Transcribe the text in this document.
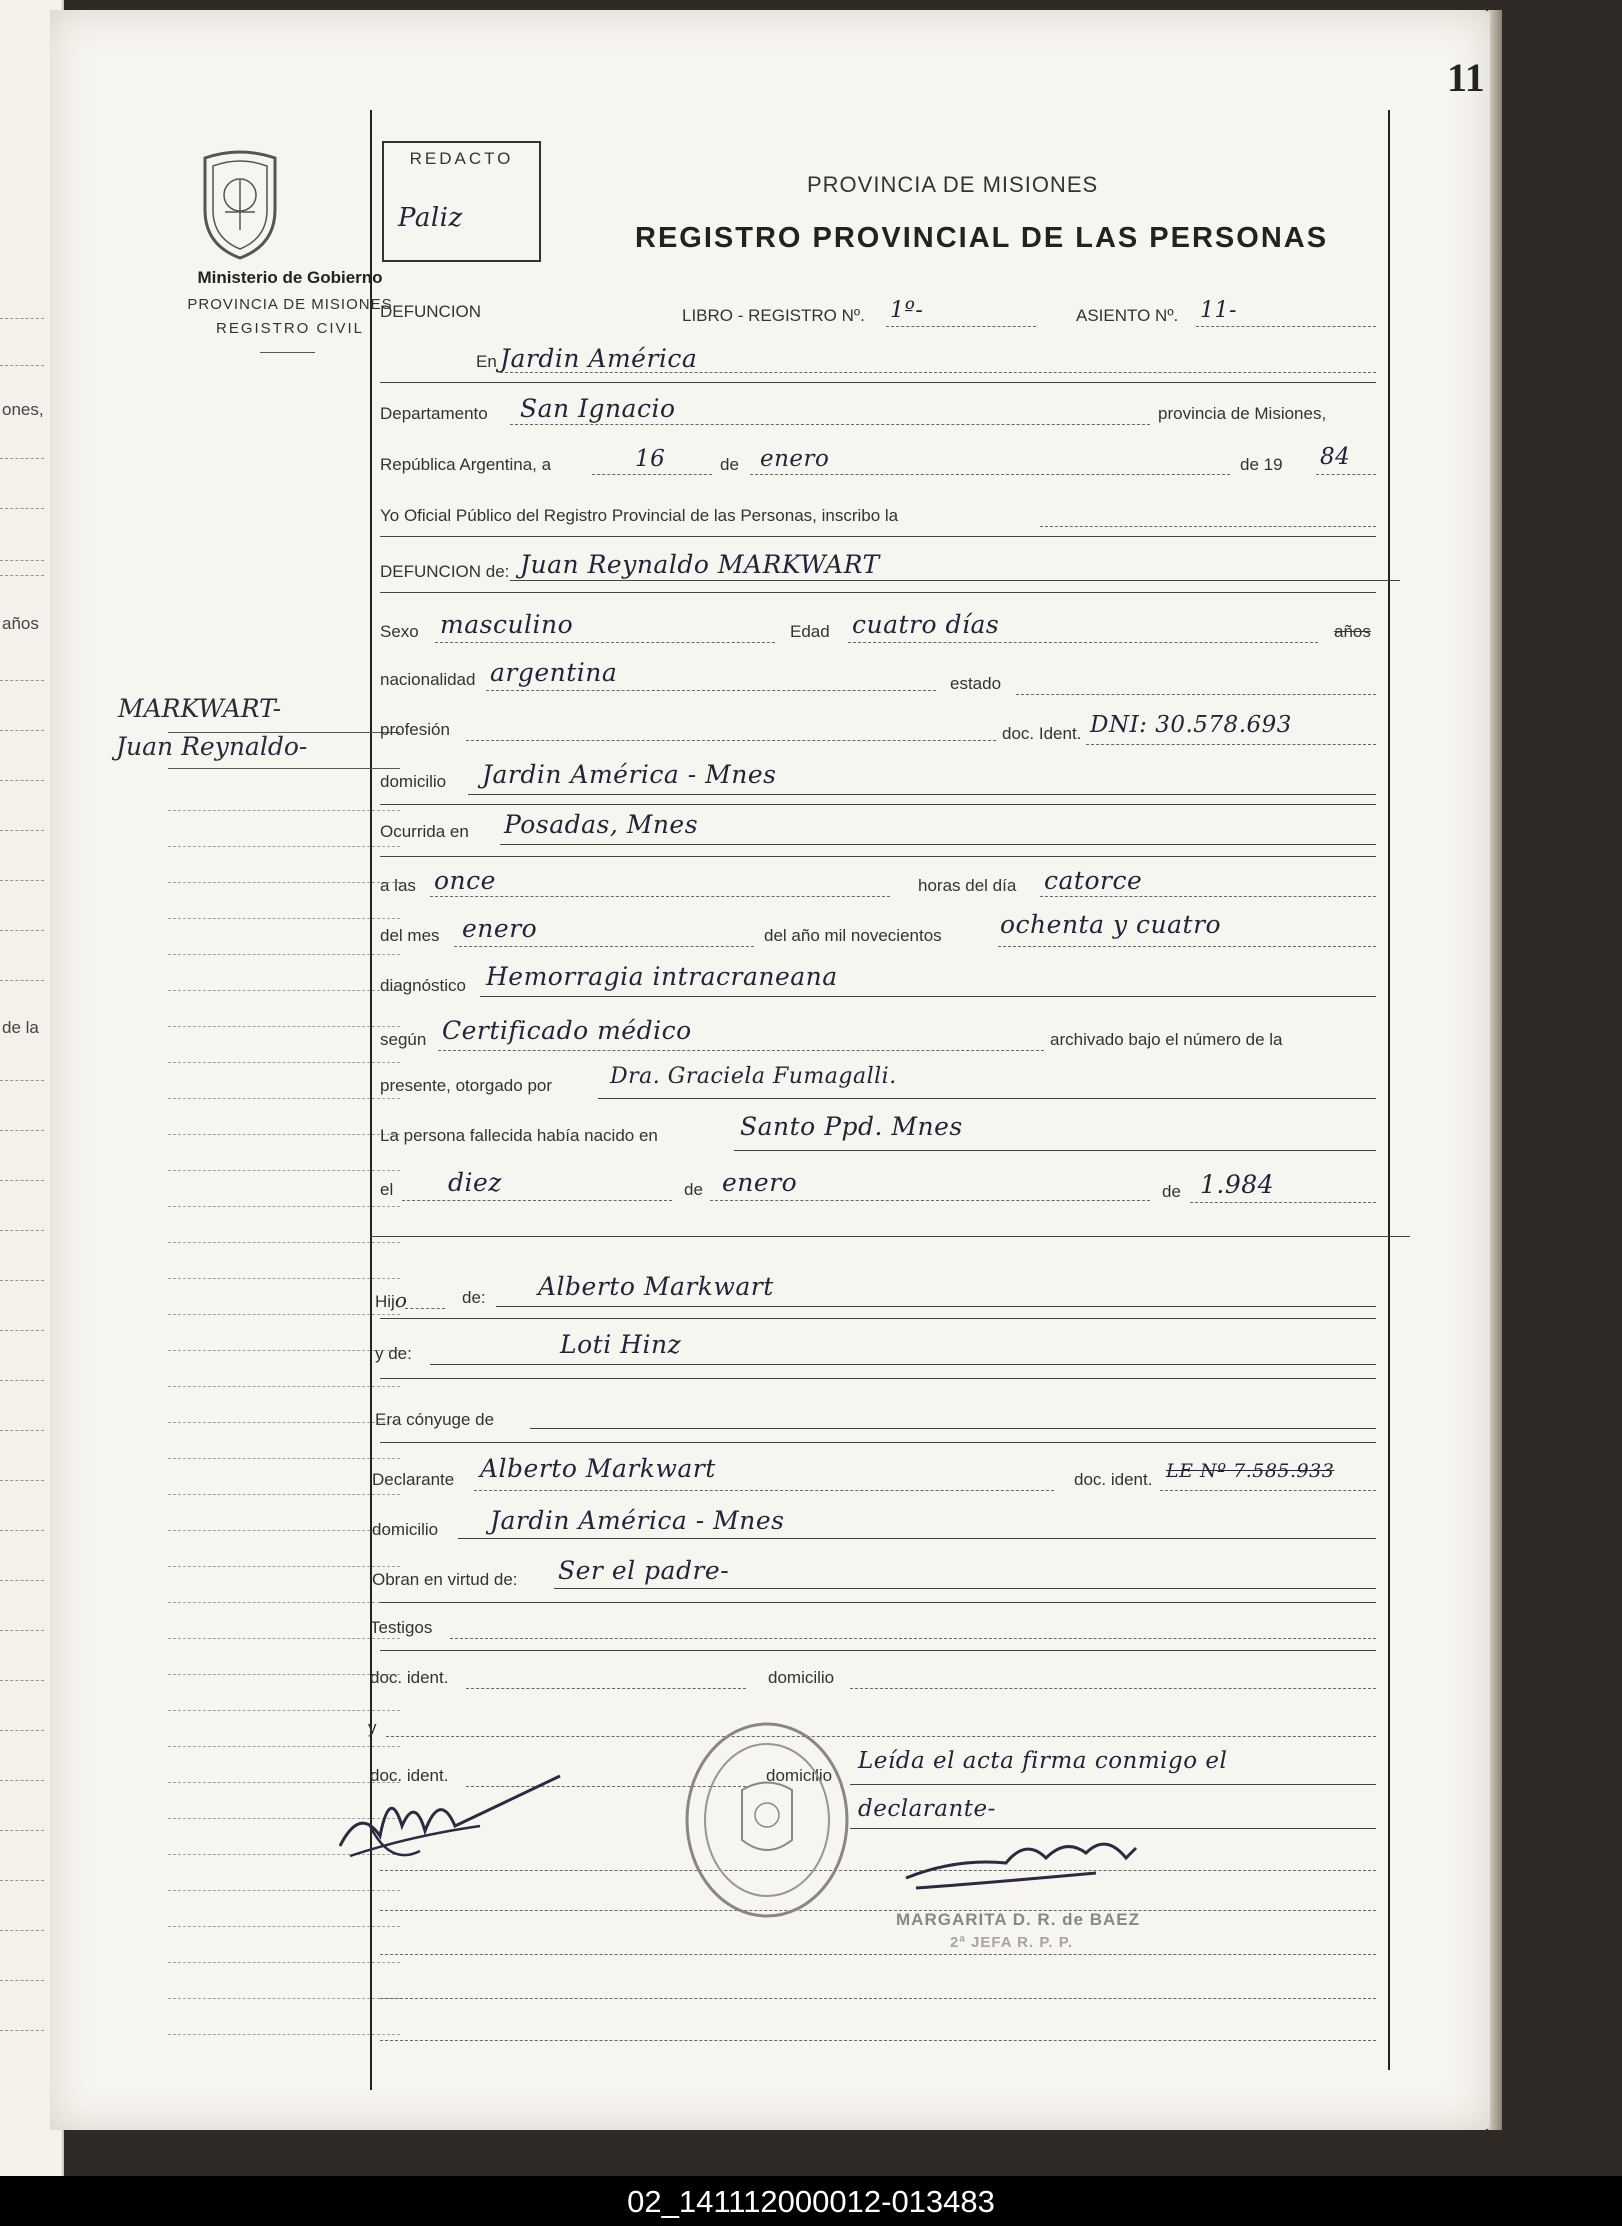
ones,
años
de la
11
Ministerio de Gobierno
PROVINCIA DE MISIONES
REGISTRO CIVIL
MARKWART-
Juan Reynaldo-
REDACTO
Paliz
PROVINCIA DE MISIONES
REGISTRO PROVINCIAL DE LAS PERSONAS
DEFUNCION	LIBRO - REGISTRO Nº. 1º-	ASIENTO Nº. 11-
En Jardin América
Departamento San Ignacio	provincia de Misiones,
República Argentina, a	16	de enero	de 19 84
Yo Oficial Público del Registro Provincial de las Personas, inscribo la
DEFUNCION de: Juan Reynaldo MARKWART
Sexo masculino	Edad cuatro días	años
nacionalidad argentina	estado
profesión	doc. Ident. DNI: 30.578.693
domicilio Jardin América - Mnes
Ocurrida en Posadas, Mnes
a las once	horas del día catorce
del mes enero	del año mil novecientos ochenta y cuatro
diagnóstico Hemorragia intracraneana
según Certificado médico	archivado bajo el número de la
presente, otorgado por	Dra. Graciela Fumagalli.
La persona fallecida había nacido en	Santo Ppd. Mnes
el diez	de enero	de 1.984
Hijo	de: Alberto Markwart
y de:	Loti Hinz
Era cónyuge de
Declarante Alberto Markwart	doc. ident. LE Nº 7.585.933
domicilio Jardin América - Mnes
Obran en virtud de: Ser el padre-
Testigos
doc. ident.	domicilio
y
doc. ident.	domicilio
Leída el acta firma conmigo el
declarante-
MARGARITA D. R. de BAEZ
2ª JEFA R. P. P.
02_141112000012-013483
